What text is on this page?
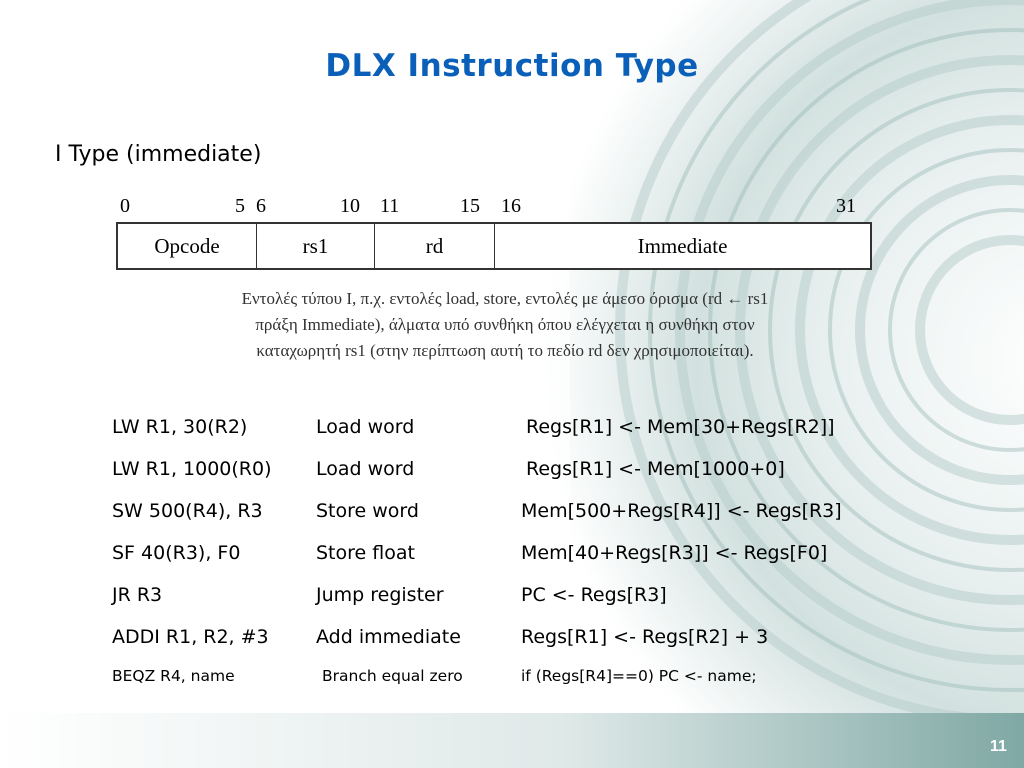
DLX Instruction Type
I Type (immediate)
0	5 6	10 11	15 16	31
Opcode	rs1	rd	Immediate
Εντολές τύπου Ι, π.χ. εντολές load, store, εντολές με άμεσο όρισμα (rd ← rs1
πράξη Immediate), άλματα υπό συνθήκη όπου ελέγχεται η συνθήκη στον
καταχωρητή rs1 (στην περίπτωση αυτή το πεδίο rd δεν χρησιμοποιείται).
LW R1, 30(R2)	Load word	Regs[R1] <- Mem[30+Regs[R2]]
LW R1, 1000(R0) Load word	Regs[R1] <- Mem[1000+0]
SW 500(R4), R3	Store word	Mem[500+Regs[R4]] <- Regs[R3]
SF 40(R3), F0	Store float	Mem[40+Regs[R3]] <- Regs[F0]
JR R3	Jump register	PC <- Regs[R3]
ADDI R1, R2, #3 Add immediate	Regs[R1] <- Regs[R2] + 3
BEQZ R4, name	Branch equal zero	if (Regs[R4]==0) PC <- name;
11
